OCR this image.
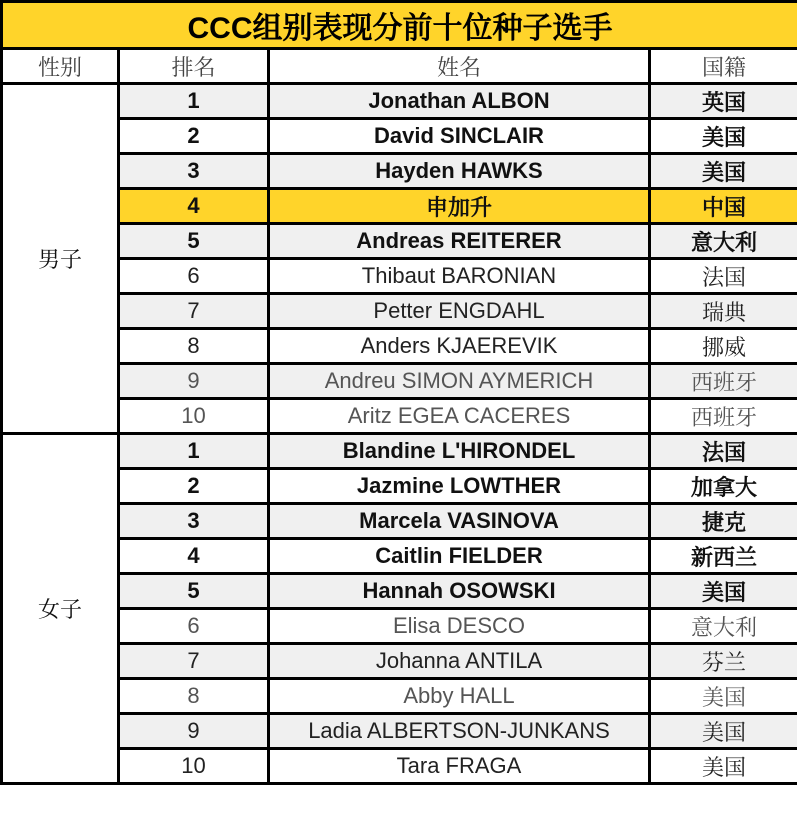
CCC组别表现分前十位种子选手			
性别	排名	姓名	国籍
男子	1	Jonathan ALBON	英国
	2	David SINCLAIR	美国
	3	Hayden HAWKS	美国
	4	申加升	中国
	5	Andreas REITERER	意大利
	6	Thibaut BARONIAN	法国
	7	Petter ENGDAHL	瑞典
	8	Anders KJAEREVIK	挪威
	9	Andreu SIMON AYMERICH	西班牙
	10	Aritz EGEA CACERES	西班牙
女子	1	Blandine L'HIRONDEL	法国
	2	Jazmine LOWTHER	加拿大
	3	Marcela VASINOVA	捷克
	4	Caitlin FIELDER	新西兰
	5	Hannah OSOWSKI	美国
	6	Elisa DESCO	意大利
	7	Johanna ANTILA	芬兰
	8	Abby HALL	美国
	9	Ladia ALBERTSON-JUNKANS	美国
	10	Tara FRAGA	美国
